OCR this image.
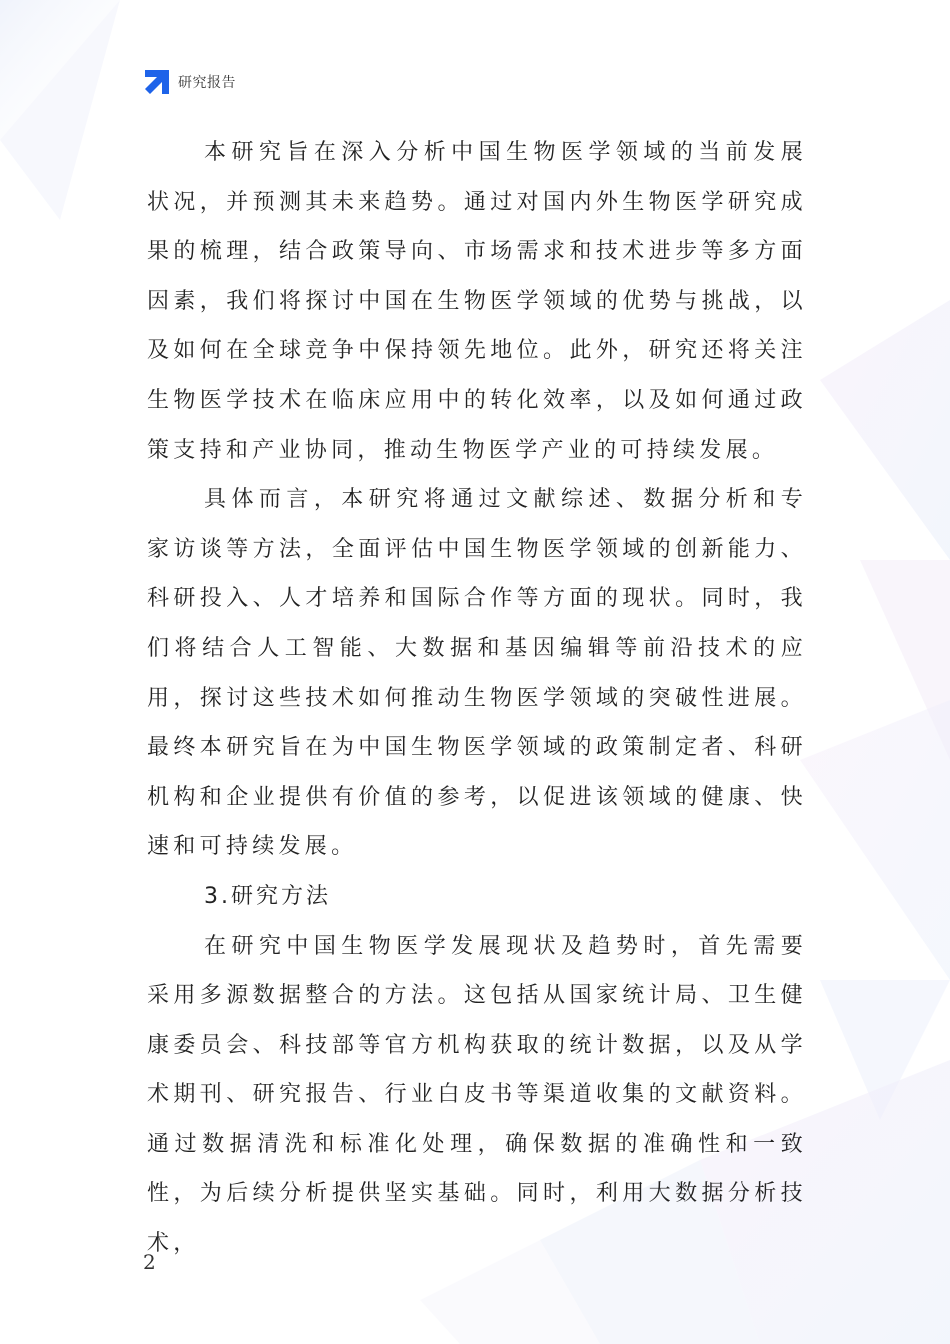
研究报告

本研究旨在深入分析中国生物医学领域的当前发展状况，并预测其未来趋势。通过对国内外生物医学研究成果的梳理，结合政策导向、市场需求和技术进步等多方面因素，我们将探讨中国在生物医学领域的优势与挑战，以及如何在全球竞争中保持领先地位。此外，研究还将关注生物医学技术在临床应用中的转化效率，以及如何通过政策支持和产业协同，推动生物医学产业的可持续发展。

具体而言，本研究将通过文献综述、数据分析和专家访谈等方法，全面评估中国生物医学领域的创新能力、科研投入、人才培养和国际合作等方面的现状。同时，我们将结合人工智能、大数据和基因编辑等前沿技术的应用，探讨这些技术如何推动生物医学领域的突破性进展。最终本研究旨在为中国生物医学领域的政策制定者、科研机构和企业提供有价值的参考，以促进该领域的健康、快速和可持续发展。

3.研究方法

在研究中国生物医学发展现状及趋势时，首先需要采用多源数据整合的方法。这包括从国家统计局、卫生健康委员会、科技部等官方机构获取的统计数据，以及从学术期刊、研究报告、行业白皮书等渠道收集的文献资料。通过数据清洗和标准化处理，确保数据的准确性和一致性，为后续分析提供坚实基础。同时，利用大数据分析技术，

2
